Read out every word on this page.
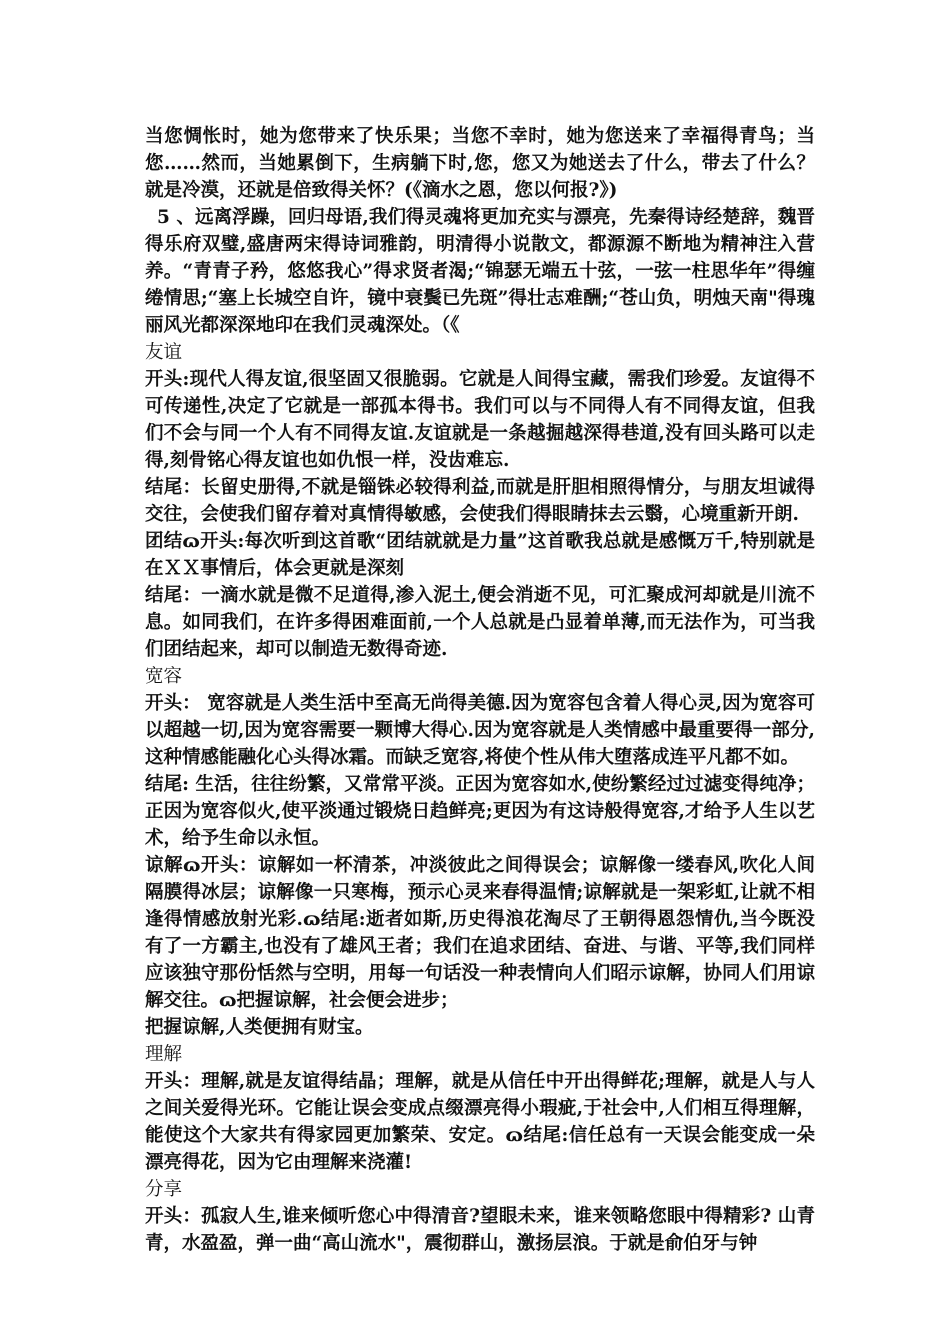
当您惆怅时，她为您带来了快乐果；当您不幸时，她为您送来了幸福得青鸟；当您……然而，当她累倒下，生病躺下时,您，您又为她送去了什么，带去了什么？就是冷漠，还就是倍致得关怀？(《滴水之恩，您以何报?》)

5 、远离浮躁，回归母语,我们得灵魂将更加充实与漂亮，先秦得诗经楚辞，魏晋得乐府双璧,盛唐两宋得诗词雅韵，明清得小说散文，都源源不断地为精神注入营养。“青青子矜，悠悠我心”得求贤者渴;“锦瑟无端五十弦，一弦一柱思华年”得缠绻情思;“塞上长城空自许，镜中衰鬓已先斑”得壮志难酬;“苍山负，明烛天南"得瑰丽风光都深深地印在我们灵魂深处。（《

友谊

开头:现代人得友谊,很坚固又很脆弱。它就是人间得宝藏，需我们珍爱。友谊得不可传递性,决定了它就是一部孤本得书。我们可以与不同得人有不同得友谊，但我们不会与同一个人有不同得友谊.友谊就是一条越掘越深得巷道,没有回头路可以走得,刻骨铭心得友谊也如仇恨一样，没齿难忘.

结尾：长留史册得,不就是锱铢必较得利益,而就是肝胆相照得情分，与朋友坦诚得交往，会使我们留存着对真情得敏感，会使我们得眼睛抹去云翳，心境重新开朗.

团结ɷ开头:每次听到这首歌“团结就就是力量”这首歌我总就是感慨万千,特别就是在ＸＸ事情后，体会更就是深刻

结尾：一滴水就是微不足道得,渗入泥土,便会消逝不见，可汇聚成河却就是川流不息。如同我们，在许多得困难面前,一个人总就是凸显着单薄,而无法作为，可当我们团结起来，却可以制造无数得奇迹.

宽容

开头： 宽容就是人类生活中至高无尚得美德.因为宽容包含着人得心灵,因为宽容可以超越一切,因为宽容需要一颗博大得心.因为宽容就是人类情感中最重要得一部分,这种情感能融化心头得冰霜。而缺乏宽容,将使个性从伟大堕落成连平凡都不如。

结尾: 生活，往往纷繁，又常常平淡。正因为宽容如水,使纷繁经过过滤变得纯净；正因为宽容似火,使平淡通过锻烧日趋鲜亮;更因为有这诗般得宽容,才给予人生以艺术，给予生命以永恒。

谅解ɷ开头：谅解如一杯清茶，冲淡彼此之间得误会；谅解像一缕春风,吹化人间隔膜得冰层；谅解像一只寒梅，预示心灵来春得温情;谅解就是一架彩虹,让就不相逢得情感放射光彩.ɷ结尾:逝者如斯,历史得浪花淘尽了王朝得恩怨情仇,当今既没有了一方霸主,也没有了雄风王者；我们在追求团结、奋进、与谐、平等,我们同样应该独守那份恬然与空明，用每一句话没一种表情向人们昭示谅解，协同人们用谅解交往。ɷ把握谅解，社会便会进步；

把握谅解,人类便拥有财宝。

理解

开头：理解,就是友谊得结晶；理解，就是从信任中开出得鲜花;理解，就是人与人之间关爱得光环。它能让误会变成点缀漂亮得小瑕疵,于社会中,人们相互得理解，能使这个大家共有得家园更加繁荣、安定。ɷ结尾:信任总有一天误会能变成一朵漂亮得花，因为它由理解来浇灌!

分享

开头：孤寂人生,谁来倾听您心中得清音?望眼未来，谁来领略您眼中得精彩? 山青青，水盈盈，弹一曲“高山流水"，震彻群山，激扬层浪。于就是俞伯牙与钟
